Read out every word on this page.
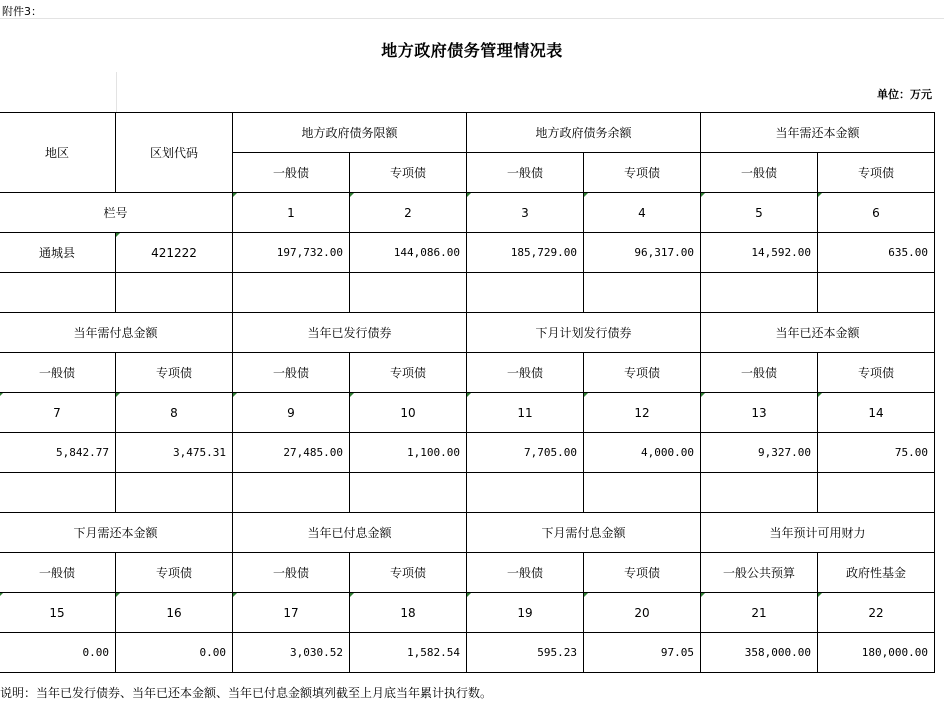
附件3：
地方政府债务管理情况表
单位：万元
地区	区划代码	地方政府债务限额		地方政府债务余额		当年需还本金额	
		一般债	专项债	一般债	专项债	一般债	专项债
栏号		1	2	3	4	5	6
通城县	421222	197,732.00	144,086.00	185,729.00	96,317.00	14,592.00	635.00

当年需付息金额		当年已发行债券		下月计划发行债券		当年已还本金额	
一般债	专项债	一般债	专项债	一般债	专项债	一般债	专项债

7	8	9	10	11	12	13	14
5,842.77	3,475.31	27,485.00	1,100.00	7,705.00	4,000.00	9,327.00	75.00

下月需还本金额		当年已付息金额		下月需付息金额		当年预计可用财力	
一般债	专项债	一般债	专项债	一般债	专项债	一般公共预算	政府性基金

15	16	17	18	19	20	21	22
0.00	0.00	3,030.52	1,582.54	595.23	97.05	358,000.00	180,000.00
说明：当年已发行债券、当年已还本金额、当年已付息金额填列截至上月底当年累计执行数。
